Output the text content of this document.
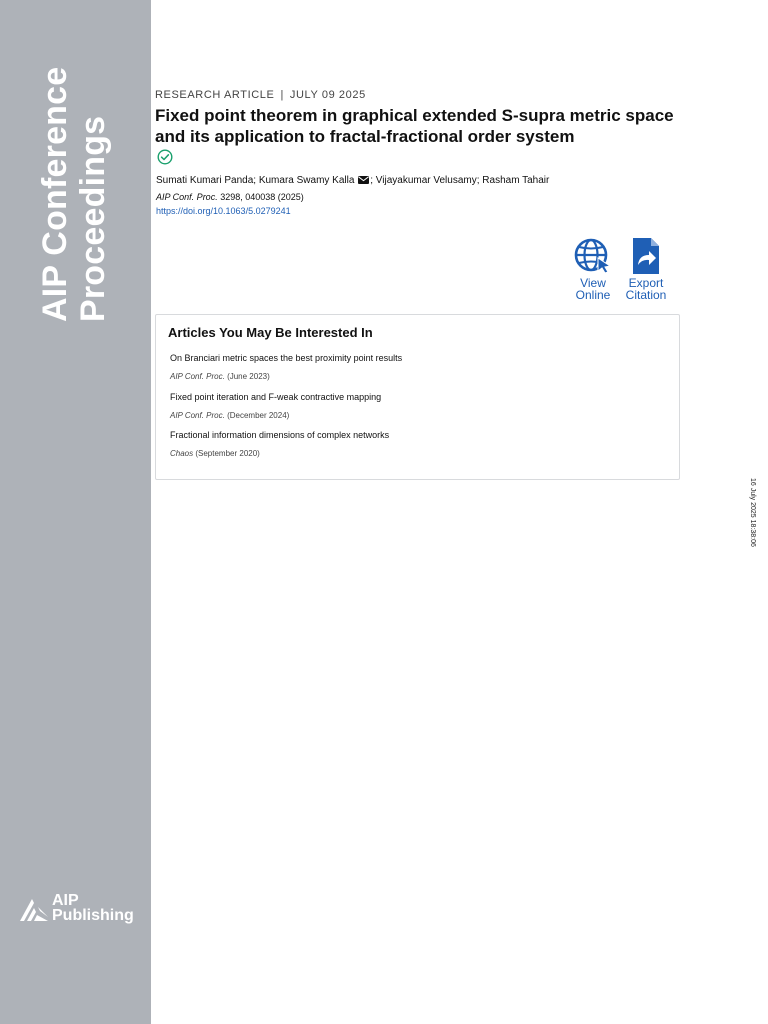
AIP Conference Proceedings
AIP
Publishing
RESEARCH ARTICLE | JULY 09 2025
Fixed point theorem in graphical extended S-supra metric space and its application to fractal-fractional order system
Sumati Kumari Panda; Kumara Swamy Kalla ; Vijayakumar Velusamy; Rasham Tahair
AIP Conf. Proc. 3298, 040038 (2025)
https://doi.org/10.1063/5.0279241
View
Online
Export
Citation
Articles You May Be Interested In
On Branciari metric spaces the best proximity point results
AIP Conf. Proc. (June 2023)
Fixed point iteration and F-weak contractive mapping
AIP Conf. Proc. (December 2024)
Fractional information dimensions of complex networks
Chaos (September 2020)
16 July 2025 18:38:06
